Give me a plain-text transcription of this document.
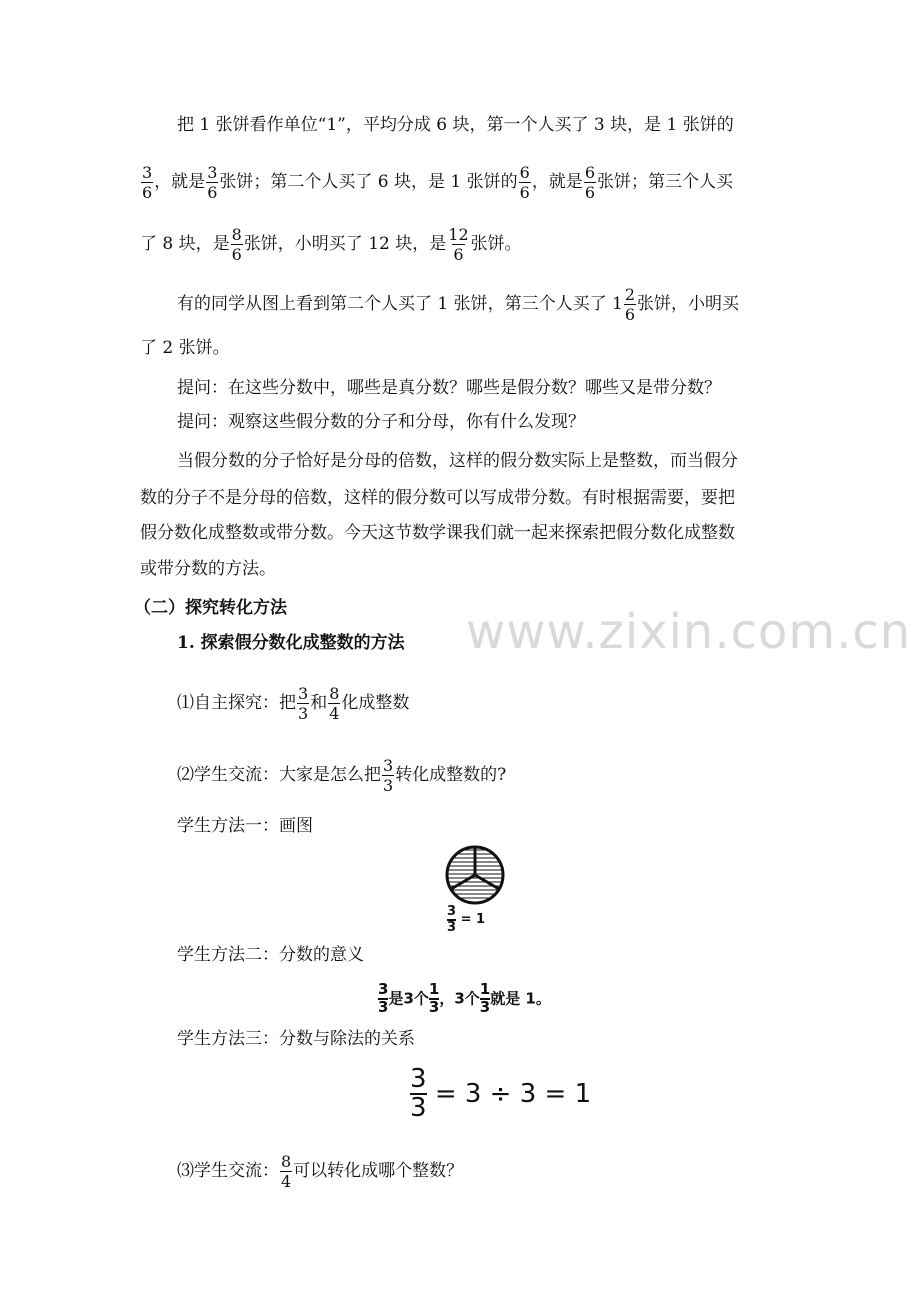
www.zixin.com.cn
把 1 张饼看作单位“1”，平均分成 6 块，第一个人买了 3 块，是 1 张饼的
$\frac{3}{6}$ ，就是 $\frac{3}{6}$ 张饼；第二个人买了 6 块，是 1 张饼的 $\frac{6}{6}$ ，就是 $\frac{6}{6}$ 张饼；第三个人买
了 8 块，是 $\frac{8}{6}$ 张饼，小明买了 12 块，是 $\frac{12}{6}$ 张饼。
有的同学从图上看到第二个人买了 1 张饼，第三个人买了 $1 \frac{2}{6}$ 张饼，小明买
了 2 张饼。
提问：在这些分数中，哪些是真分数？哪些是假分数？哪些又是带分数？
提问：观察这些假分数的分子和分母，你有什么发现？
当假分数的分子恰好是分母的倍数，这样的假分数实际上是整数，而当假分
数的分子不是分母的倍数，这样的假分数可以写成带分数。有时根据需要，要把
假分数化成整数或带分数。今天这节数学课我们就一起来探索把假分数化成整数
或带分数的方法。
（二）探究转化方法
1. 探索假分数化成整数的方法
⑴自主探究：把 $\frac{3}{3}$ 和 $\frac{8}{4}$ 化成整数
⑵学生交流：大家是怎么把 $\frac{3}{3}$ 转化成整数的?
学生方法一：画图
$\frac{3}{3} = 1$
学生方法二：分数的意义
$\frac{3}{3}$ 是3个 $\frac{1}{3}$ ，3个 $\frac{1}{3}$ 就是 1。
学生方法三：分数与除法的关系
$\frac{3}{3} = 3 \div 3 = 1$
⑶学生交流： $\frac{8}{4}$ 可以转化成哪个整数？
